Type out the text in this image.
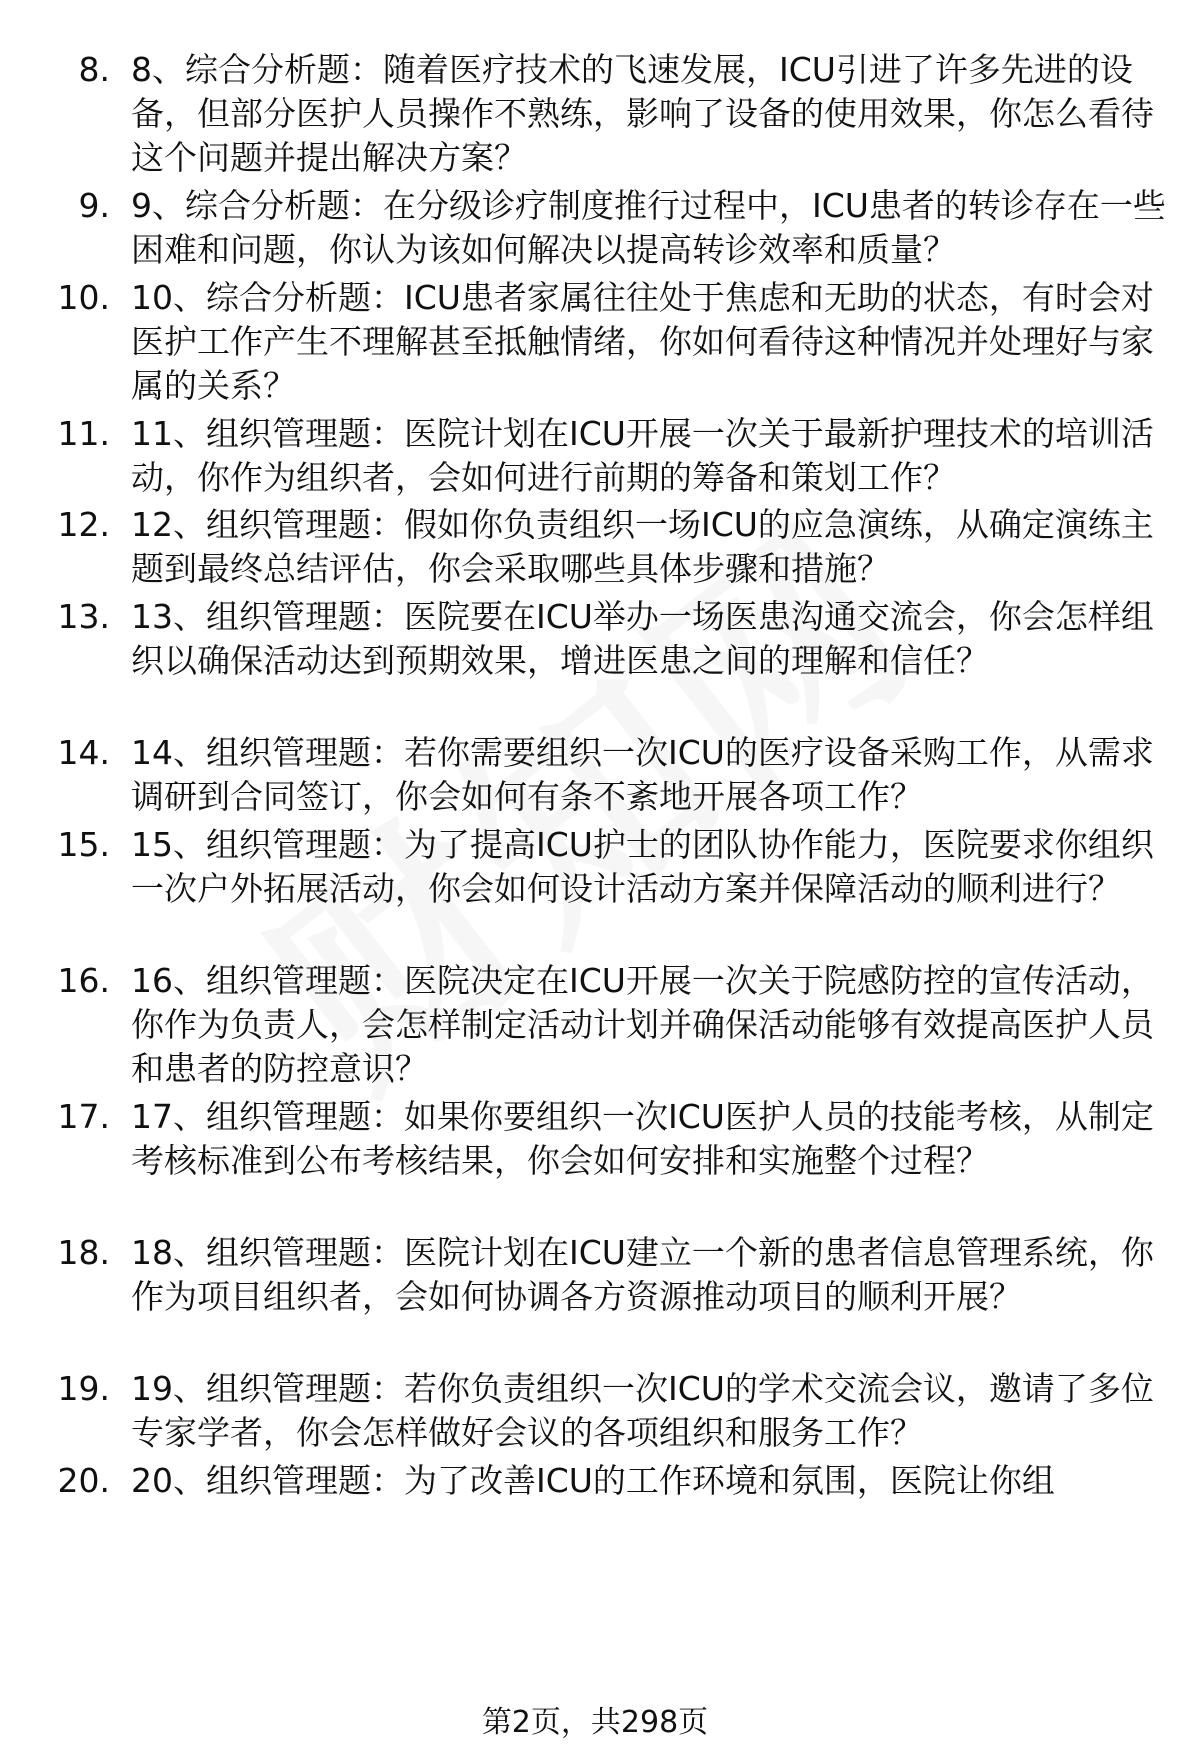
8. 8、综合分析题：随着医疗技术的飞速发展，ICU引进了许多先进的设备，但部分医护人员操作不熟练，影响了设备的使用效果，你怎么看待这个问题并提出解决方案？
9. 9、综合分析题：在分级诊疗制度推行过程中，ICU患者的转诊存在一些困难和问题，你认为该如何解决以提高转诊效率和质量？
10. 10、综合分析题：ICU患者家属往往处于焦虑和无助的状态，有时会对医护工作产生不理解甚至抵触情绪，你如何看待这种情况并处理好与家属的关系？
11. 11、组织管理题：医院计划在ICU开展一次关于最新护理技术的培训活动，你作为组织者，会如何进行前期的筹备和策划工作？
12. 12、组织管理题：假如你负责组织一场ICU的应急演练，从确定演练主题到最终总结评估，你会采取哪些具体步骤和措施？
13. 13、组织管理题：医院要在ICU举办一场医患沟通交流会，你会怎样组织以确保活动达到预期效果，增进医患之间的理解和信任？
14. 14、组织管理题：若你需要组织一次ICU的医疗设备采购工作，从需求调研到合同签订，你会如何有条不紊地开展各项工作？
15. 15、组织管理题：为了提高ICU护士的团队协作能力，医院要求你组织一次户外拓展活动，你会如何设计活动方案并保障活动的顺利进行？
16. 16、组织管理题：医院决定在ICU开展一次关于院感防控的宣传活动，你作为负责人，会怎样制定活动计划并确保活动能够有效提高医护人员和患者的防控意识？
17. 17、组织管理题：如果你要组织一次ICU医护人员的技能考核，从制定考核标准到公布考核结果，你会如何安排和实施整个过程？
18. 18、组织管理题：医院计划在ICU建立一个新的患者信息管理系统，你作为项目组织者，会如何协调各方资源推动项目的顺利开展？
19. 19、组织管理题：若你负责组织一次ICU的学术交流会议，邀请了多位专家学者，你会怎样做好会议的各项组织和服务工作？
20. 20、组织管理题：为了改善ICU的工作环境和氛围，医院让你组
第2页，共298页
